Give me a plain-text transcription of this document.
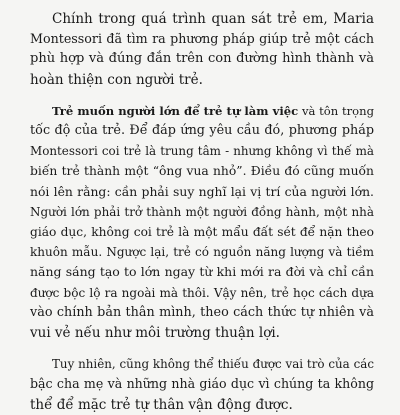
Chính trong quá trình quan sát trẻ em, Maria
Montessori đã tìm ra phương pháp giúp trẻ một cách
phù hợp và đúng đắn trên con đường hình thành và
hoàn thiện con người trẻ.

Trẻ muốn người lớn để trẻ tự làm việc và tôn trọng
tốc độ của trẻ. Để đáp ứng yêu cầu đó, phương pháp
Montessori coi trẻ là trung tâm - nhưng không vì thế mà
biến trẻ thành một “ông vua nhỏ”. Điều đó cũng muốn
nói lên rằng: cần phải suy nghĩ lại vị trí của người lớn.
Người lớn phải trở thành một người đồng hành, một nhà
giáo dục, không coi trẻ là một mẩu đất sét để nặn theo
khuôn mẫu. Ngược lại, trẻ có nguồn năng lượng và tiềm
năng sáng tạo to lớn ngay từ khi mới ra đời và chỉ cần
được bộc lộ ra ngoài mà thôi. Vậy nên, trẻ học cách dựa
vào chính bản thân mình, theo cách thức tự nhiên và
vui vẻ nếu như môi trường thuận lợi.

Tuy nhiên, cũng không thể thiếu được vai trò của các
bậc cha mẹ và những nhà giáo dục vì chúng ta không
thể để mặc trẻ tự thân vận động được.
